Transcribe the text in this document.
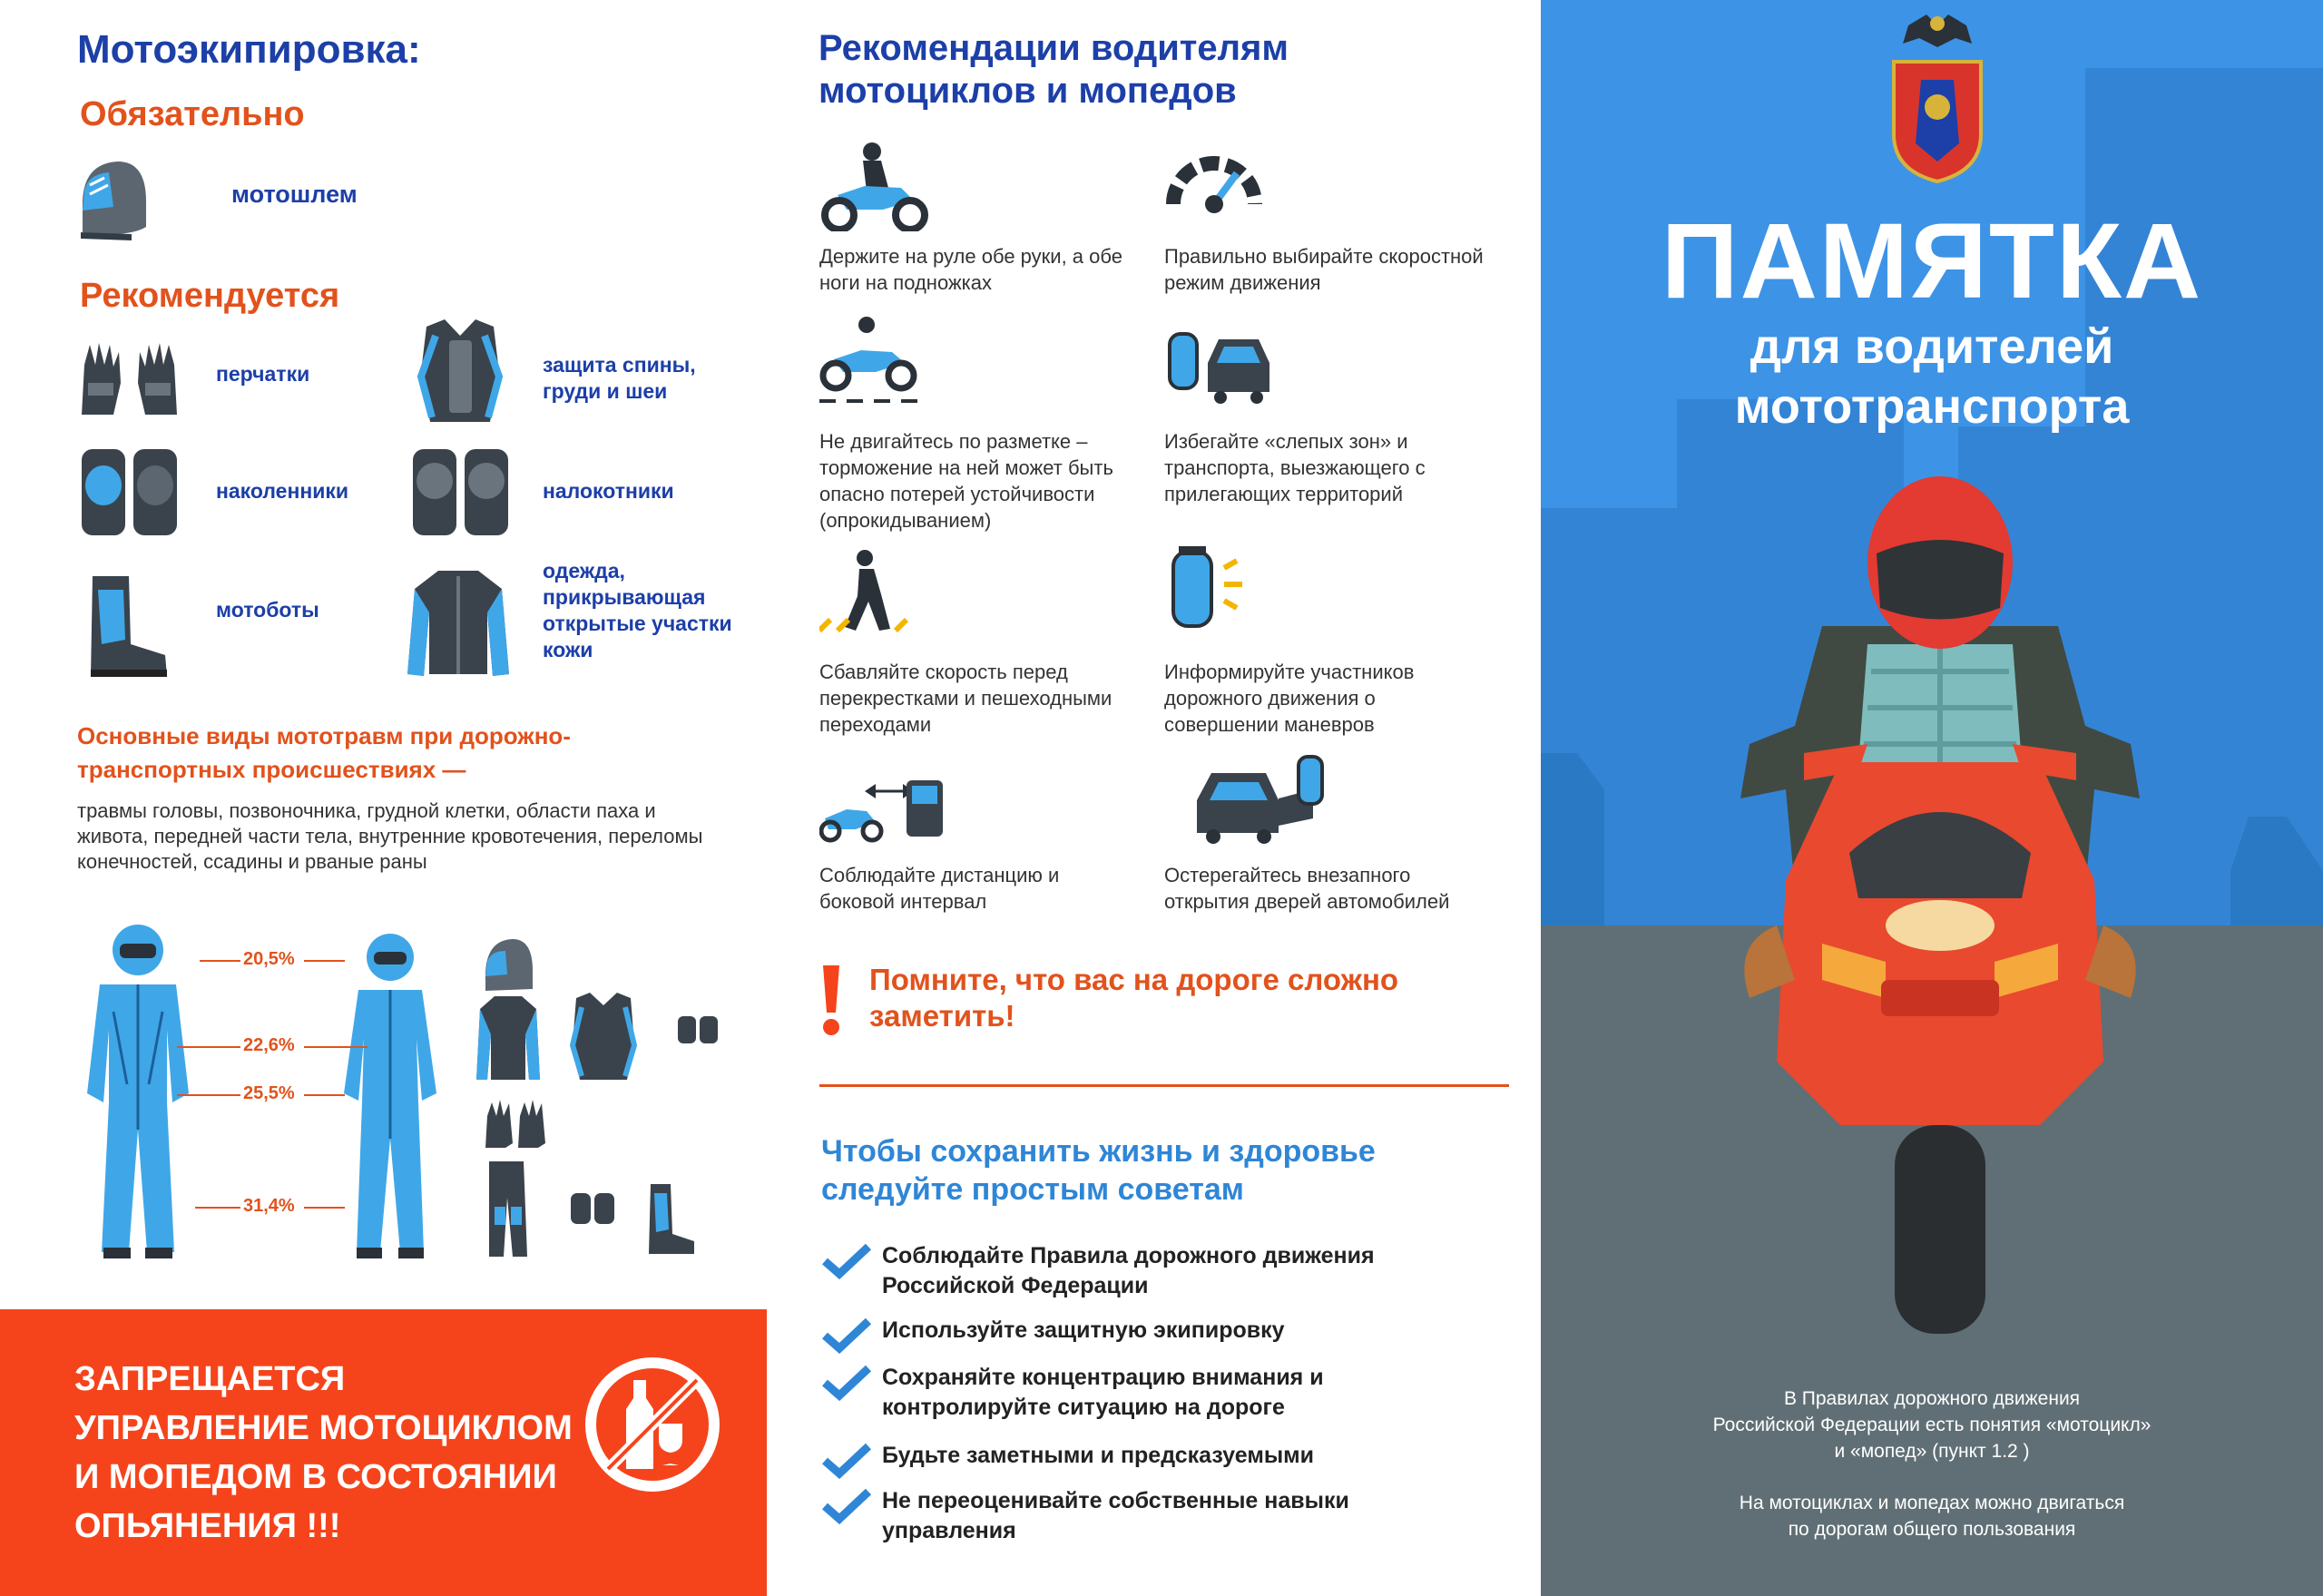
Мотоэкипировка:
Обязательно
мотошлем
Рекомендуется
перчатки	защита спины, груди и шеи
наколенники	налокотники
мотоботы
одежда, прикрывающая открытые участки кожи
Основные виды мототравм при дорожно-транспортных происшествиях —
травмы головы, позвоночника, грудной клетки, области паха и живота, передней части тела, внутренние кровотечения, переломы конечностей, ссадины и рваные раны
20,5%
22,6%
25,5%
31,4%
ЗАПРЕЩАЕТСЯ УПРАВЛЕНИЕ МОТОЦИКЛОМ И МОПЕДОМ В СОСТОЯНИИ ОПЬЯНЕНИЯ !!!
Рекомендации водителям мотоциклов и мопедов
Держите на руле обе руки, а обе ноги на подножках
Правильно выбирайте скоростной режим движения
Не двигайтесь по разметке – торможение на ней может быть опасно потерей устойчивости (опрокидыванием)
Избегайте «слепых зон» и транспорта, выезжающего с прилегающих территорий
Сбавляйте скорость перед перекрестками и пешеходными переходами
Информируйте участников дорожного движения о совершении маневров
Соблюдайте дистанцию и боковой интервал
Остерегайтесь внезапного открытия дверей автомобилей
Помните, что вас на дороге сложно заметить!
Чтобы сохранить жизнь и здоровье следуйте простым советам
Соблюдайте Правила дорожного движения Российской Федерации
Используйте защитную экипировку
Сохраняйте концентрацию внимания и контролируйте ситуацию на дороге
Будьте заметными и предсказуемыми
Не переоценивайте собственные навыки управления
ПАМЯТКА
для водителей
мототранспорта
В Правилах дорожного движения
Российской Федерации есть понятия «мотоцикл»
и «мопед» (пункт 1.2 )
На мотоциклах и мопедах можно двигаться
по дорогам общего пользования
